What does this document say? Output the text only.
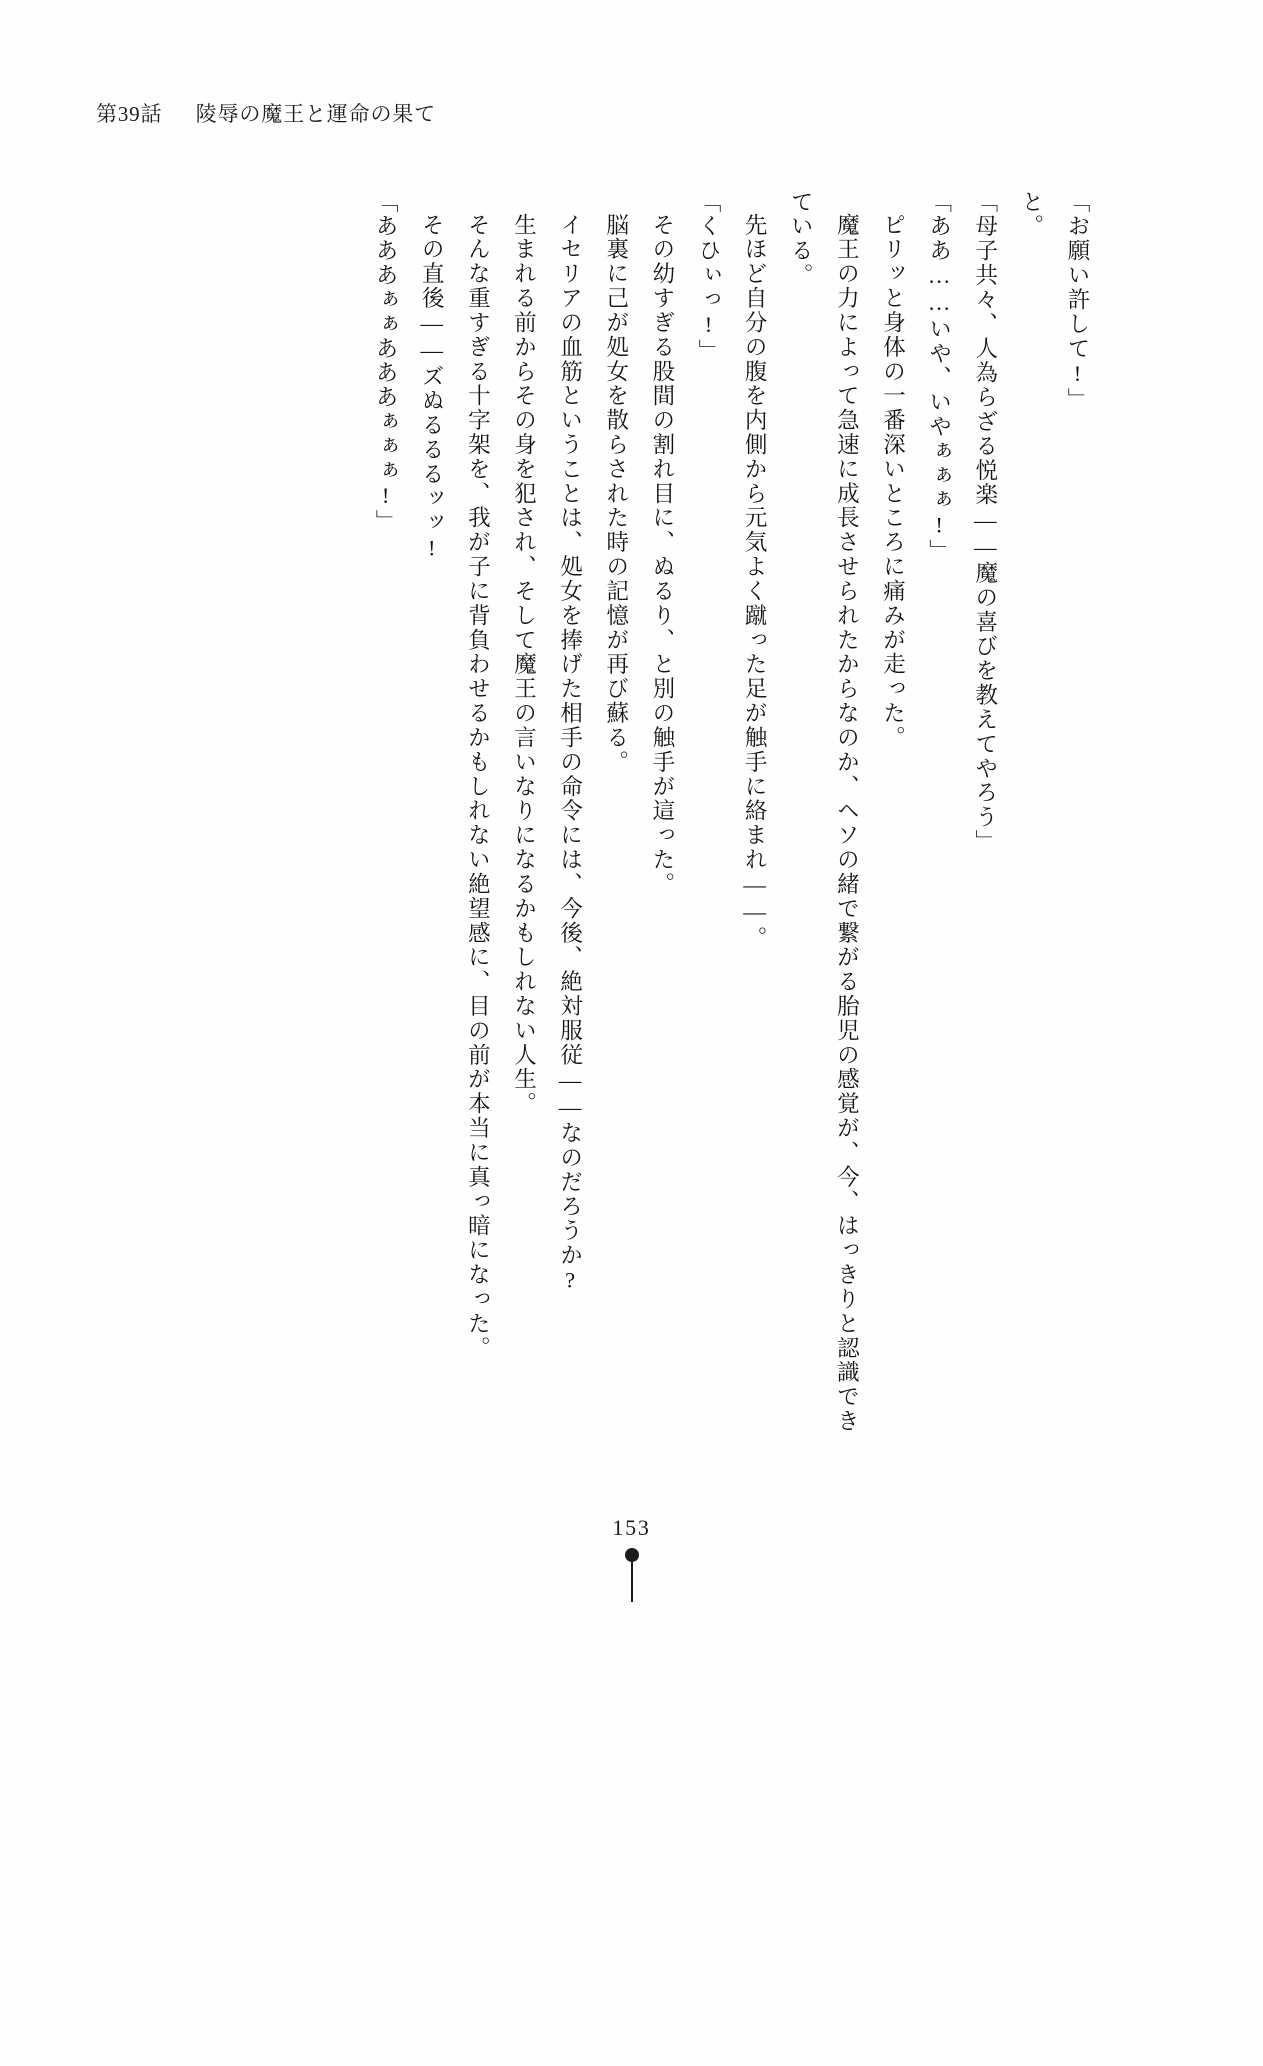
第39話 陵辱の魔王と運命の果て

「お願い許して!」

と。

「母子共々、人為らざる悦楽――魔の喜びを教えてやろう」

「ああ……いや、いやぁぁぁ!」

ピリッと身体の一番深いところに痛みが走った。

魔王の力によって急速に成長させられたからなのか、ヘソの緒で繋がる胎児の感覚が、今、はっきりと認識できている。

先ほど自分の腹を内側から元気よく蹴った足が触手に絡まれ――。

「くひぃっ!」

その幼すぎる股間の割れ目に、ぬるり、と別の触手が這った。

脳裏に己が処女を散らされた時の記憶が再び蘇る。

イセリアの血筋ということは、処女を捧げた相手の命令には、今後、絶対服従――なのだろうか?

生まれる前からその身を犯され、そして魔王の言いなりになるかもしれない人生。

そんな重すぎる十字架を、我が子に背負わせるかもしれない絶望感に、目の前が本当に真っ暗になった。

その直後――ズぬるるるッッ!

「あああぁぁあああぁぁぁ!」

153
